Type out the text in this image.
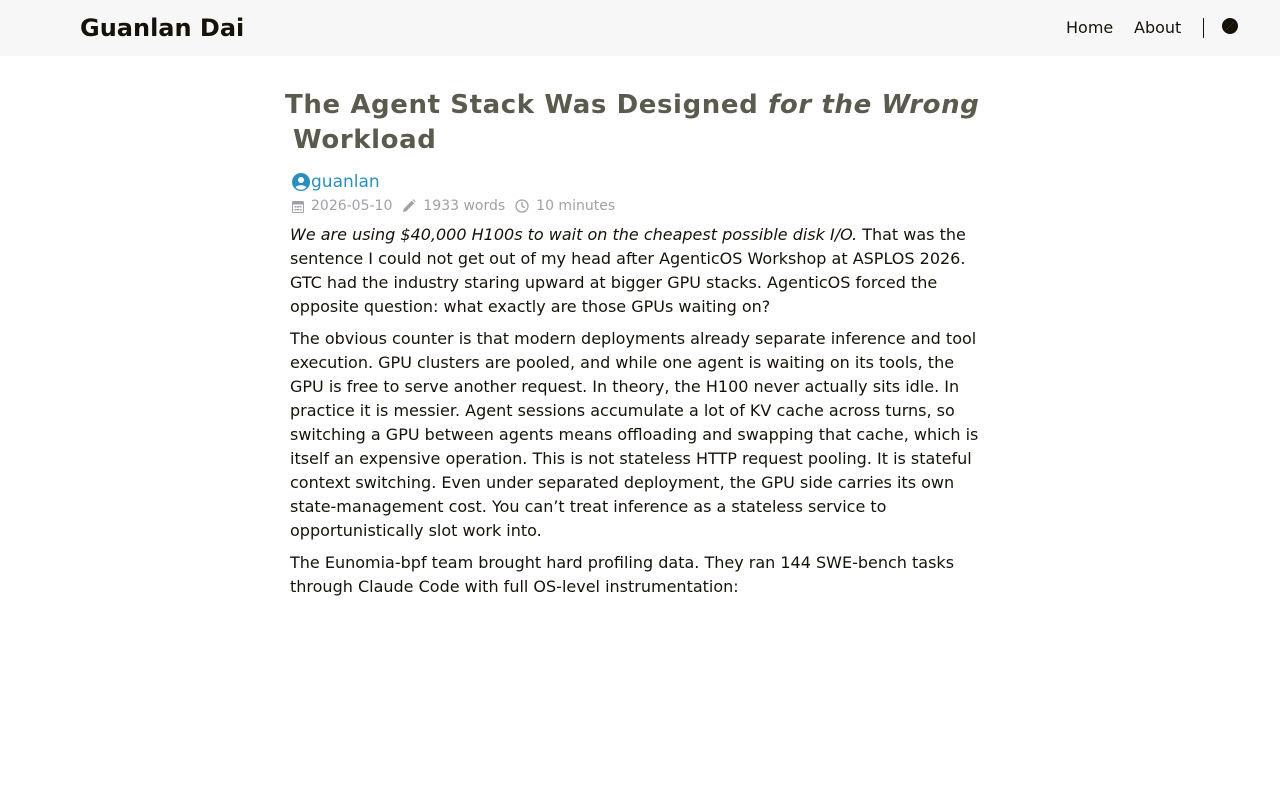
Guanlan Dai	Home About
The Agent Stack Was Designed for the Wrong
Workload
guanlan
2026-05-10 1933 words 10 minutes

We are using $40,000 H100s to wait on the cheapest possible disk I/O. That was the sentence I could not get out of my head after AgenticOS Workshop at ASPLOS 2026. GTC had the industry staring upward at bigger GPU stacks. AgenticOS forced the opposite question: what exactly are those GPUs waiting on?

The obvious counter is that modern deployments already separate inference and tool execution. GPU clusters are pooled, and while one agent is waiting on its tools, the GPU is free to serve another request. In theory, the H100 never actually sits idle. In practice it is messier. Agent sessions accumulate a lot of KV cache across turns, so switching a GPU between agents means offloading and swapping that cache, which is itself an expensive operation. This is not stateless HTTP request pooling. It is stateful context switching. Even under separated deployment, the GPU side carries its own state-management cost. You can’t treat inference as a stateless service to opportunistically slot work into.

The Eunomia-bpf team brought hard profiling data. They ran 144 SWE-bench tasks through Claude Code with full OS-level instrumentation:
